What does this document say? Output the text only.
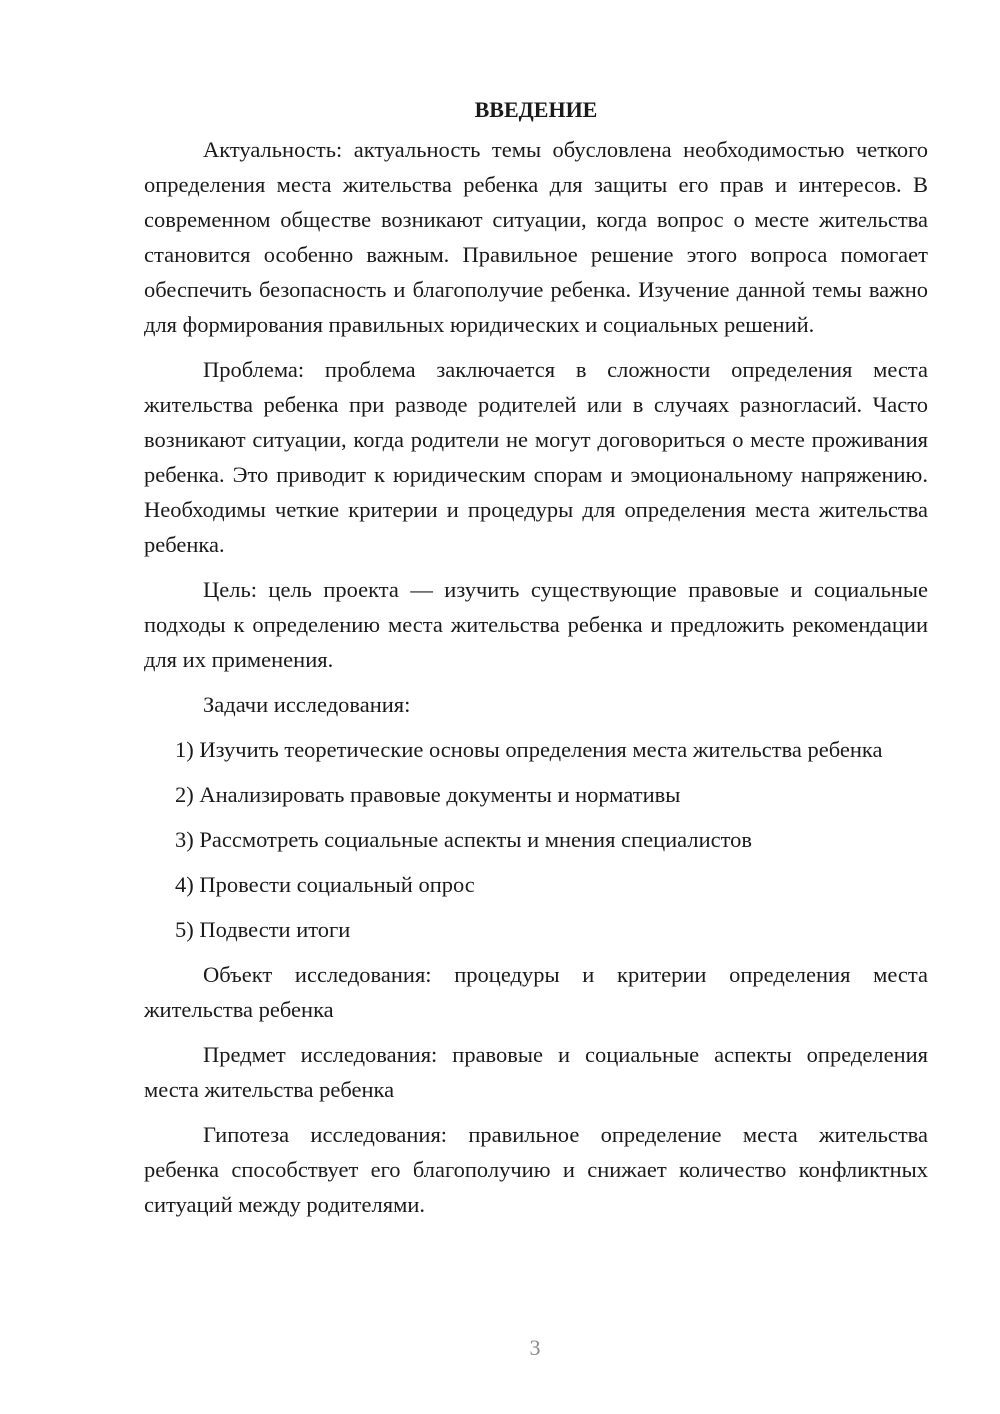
ВВЕДЕНИЕ

Актуальность: актуальность темы обусловлена необходимостью четкого определения места жительства ребенка для защиты его прав и интересов. В современном обществе возникают ситуации, когда вопрос о месте жительства становится особенно важным. Правильное решение этого вопроса помогает обеспечить безопасность и благополучие ребенка. Изучение данной темы важно для формирования правильных юридических и социальных решений.

Проблема: проблема заключается в сложности определения места жительства ребенка при разводе родителей или в случаях разногласий. Часто возникают ситуации, когда родители не могут договориться о месте проживания ребенка. Это приводит к юридическим спорам и эмоциональному напряжению. Необходимы четкие критерии и процедуры для определения места жительства ребенка.

Цель: цель проекта — изучить существующие правовые и социальные подходы к определению места жительства ребенка и предложить рекомендации для их применения.

Задачи исследования:

1) Изучить теоретические основы определения места жительства ребенка
2) Анализировать правовые документы и нормативы
3) Рассмотреть социальные аспекты и мнения специалистов
4) Провести социальный опрос
5) Подвести итоги

Объект исследования: процедуры и критерии определения места жительства ребенка

Предмет исследования: правовые и социальные аспекты определения места жительства ребенка

Гипотеза исследования: правильное определение места жительства ребенка способствует его благополучию и снижает количество конфликтных ситуаций между родителями.

3
